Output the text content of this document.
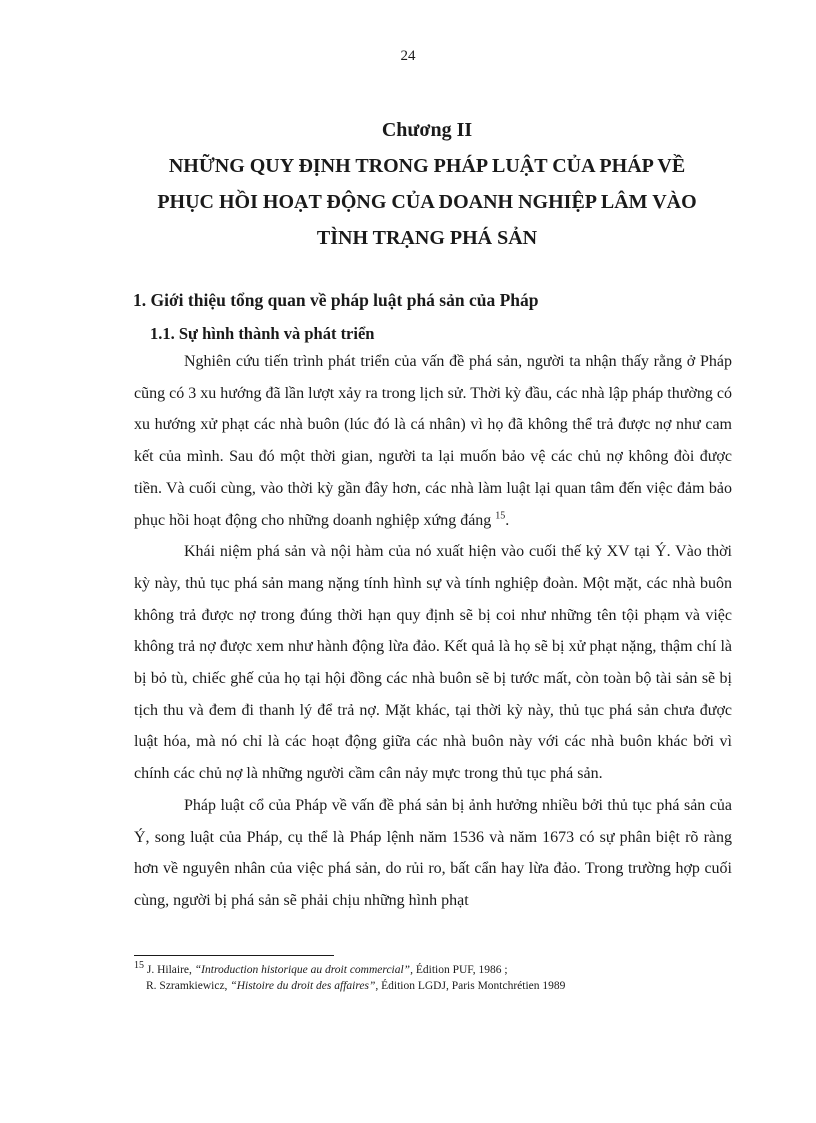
24
Chương II
NHỮNG QUY ĐỊNH TRONG PHÁP LUẬT CỦA PHÁP VỀ
PHỤC HỒI HOẠT ĐỘNG CỦA DOANH NGHIỆP LÂM VÀO
TÌNH TRẠNG PHÁ SẢN
1. Giới thiệu tổng quan về pháp luật phá sản của Pháp
1.1. Sự hình thành và phát triển

Nghiên cứu tiến trình phát triển của vấn đề phá sản, người ta nhận thấy rằng ở Pháp cũng có 3 xu hướng đã lần lượt xảy ra trong lịch sử. Thời kỳ đầu, các nhà lập pháp thường có xu hướng xử phạt các nhà buôn (lúc đó là cá nhân) vì họ đã không thể trả được nợ như cam kết của mình. Sau đó một thời gian, người ta lại muốn bảo vệ các chủ nợ không đòi được tiền. Và cuối cùng, vào thời kỳ gần đây hơn, các nhà làm luật lại quan tâm đến việc đảm bảo phục hồi hoạt động cho những doanh nghiệp xứng đáng $^{15}$.

Khái niệm phá sản và nội hàm của nó xuất hiện vào cuối thế kỷ XV tại Ý. Vào thời kỳ này, thủ tục phá sản mang nặng tính hình sự và tính nghiệp đoàn. Một mặt, các nhà buôn không trả được nợ trong đúng thời hạn quy định sẽ bị coi như những tên tội phạm và việc không trả nợ được xem như hành động lừa đảo. Kết quả là họ sẽ bị xử phạt nặng, thậm chí là bị bỏ tù, chiếc ghế của họ tại hội đồng các nhà buôn sẽ bị tước mất, còn toàn bộ tài sản sẽ bị tịch thu và đem đi thanh lý để trả nợ. Mặt khác, tại thời kỳ này, thủ tục phá sản chưa được luật hóa, mà nó chỉ là các hoạt động giữa các nhà buôn này với các nhà buôn khác bởi vì chính các chủ nợ là những người cầm cân nảy mực trong thủ tục phá sản.

Pháp luật cổ của Pháp về vấn đề phá sản bị ảnh hưởng nhiều bởi thủ tục phá sản của Ý, song luật của Pháp, cụ thể là Pháp lệnh năm 1536 và năm 1673 có sự phân biệt rõ ràng hơn về nguyên nhân của việc phá sản, do rủi ro, bất cẩn hay lừa đảo. Trong trường hợp cuối cùng, người bị phá sản sẽ phải chịu những hình phạt

$^{15}$ J. Hilaire, “Introduction historique au droit commercial”, Édition PUF, 1986 ;
R. Szramkiewicz, “Histoire du droit des affaires”, Édition LGDJ, Paris Montchrétien 1989
